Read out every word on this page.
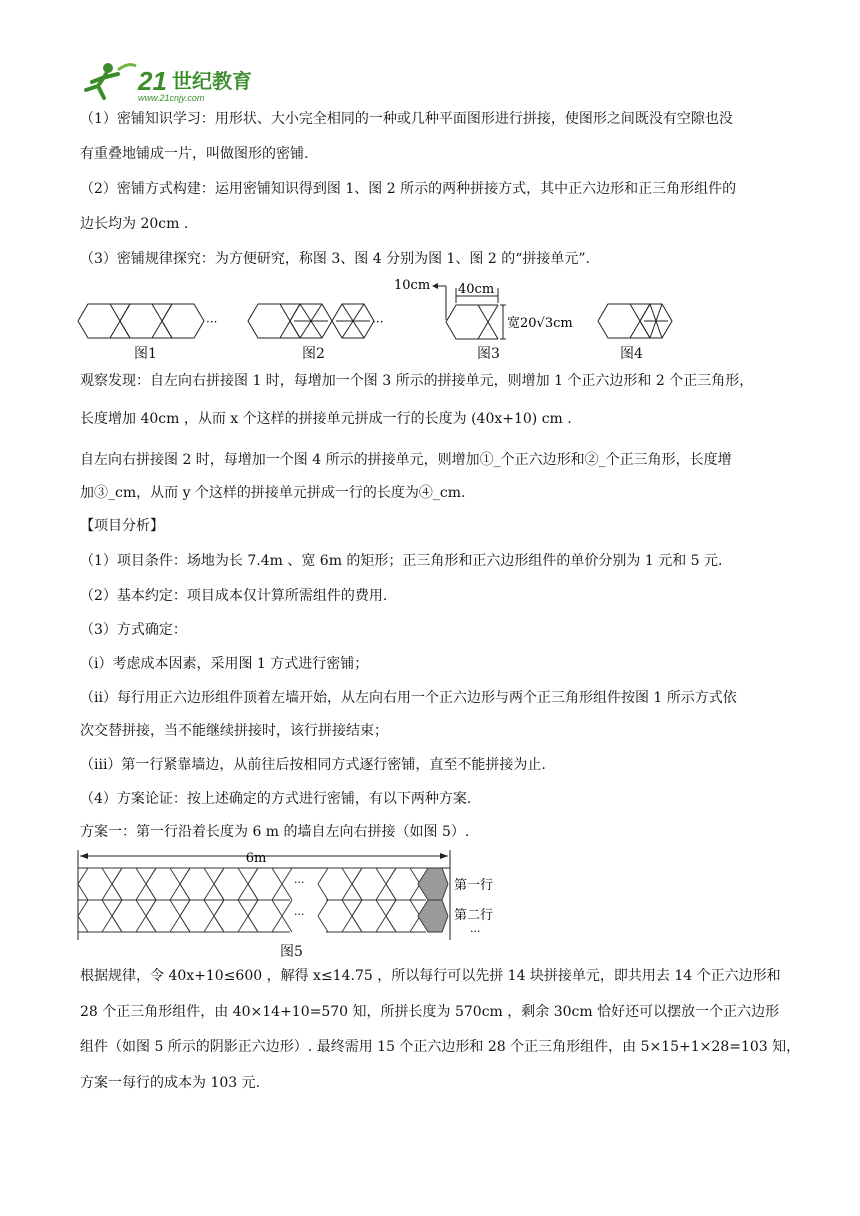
21 世纪教育
www.21cnjy.com
（1）密铺知识学习：用形状、大小完全相同的一种或几种平面图形进行拼接，使图形之间既没有空隙也没
有重叠地铺成一片，叫做图形的密铺.
（2）密铺方式构建：运用密铺知识得到图 1、图 2 所示的两种拼接方式，其中正六边形和正三角形组件的
边长均为 20cm .
（3）密铺规律探究：为方便研究，称图 3、图 4 分别为图 1、图 2 的“拼接单元”.
···
图1
···
图2
10cm 40cm
宽20√3cm
图3	图4
观察发现：自左向右拼接图 1 时，每增加一个图 3 所示的拼接单元，则增加 1 个正六边形和 2 个正三角形，
长度增加 40cm ，从而 x 个这样的拼接单元拼成一行的长度为 (40x+10) cm .
自左向右拼接图 2 时，每增加一个图 4 所示的拼接单元，则增加①_个正六边形和②_个正三角形，长度增
加③_cm，从而 y 个这样的拼接单元拼成一行的长度为④_cm.
【项目分析】
（1）项目条件：场地为长 7.4m 、宽 6m 的矩形；正三角形和正六边形组件的单价分别为 1 元和 5 元.
（2）基本约定：项目成本仅计算所需组件的费用.
（3）方式确定：
（i）考虑成本因素，采用图 1 方式进行密铺；
（ii）每行用正六边形组件顶着左墙开始，从左向右用一个正六边形与两个正三角形组件按图 1 所示方式依
次交替拼接，当不能继续拼接时，该行拼接结束；
（iii）第一行紧靠墙边，从前往后按相同方式逐行密铺，直至不能拼接为止.
（4）方案论证：按上述确定的方式进行密铺，有以下两种方案.
方案一：第一行沿着长度为 6 m 的墙自左向右拼接（如图 5）.
6m
···
···
第一行
第二行
···
图5
根据规律，令 40x+10≤600 ，解得 x≤14.75 ，所以每行可以先拼 14 块拼接单元，即共用去 14 个正六边形和
28 个正三角形组件，由 40×14+10=570 知，所拼长度为 570cm ，剩余 30cm 恰好还可以摆放一个正六边形
组件（如图 5 所示的阴影正六边形）. 最终需用 15 个正六边形和 28 个正三角形组件，由 5×15+1×28=103 知，
方案一每行的成本为 103 元.
